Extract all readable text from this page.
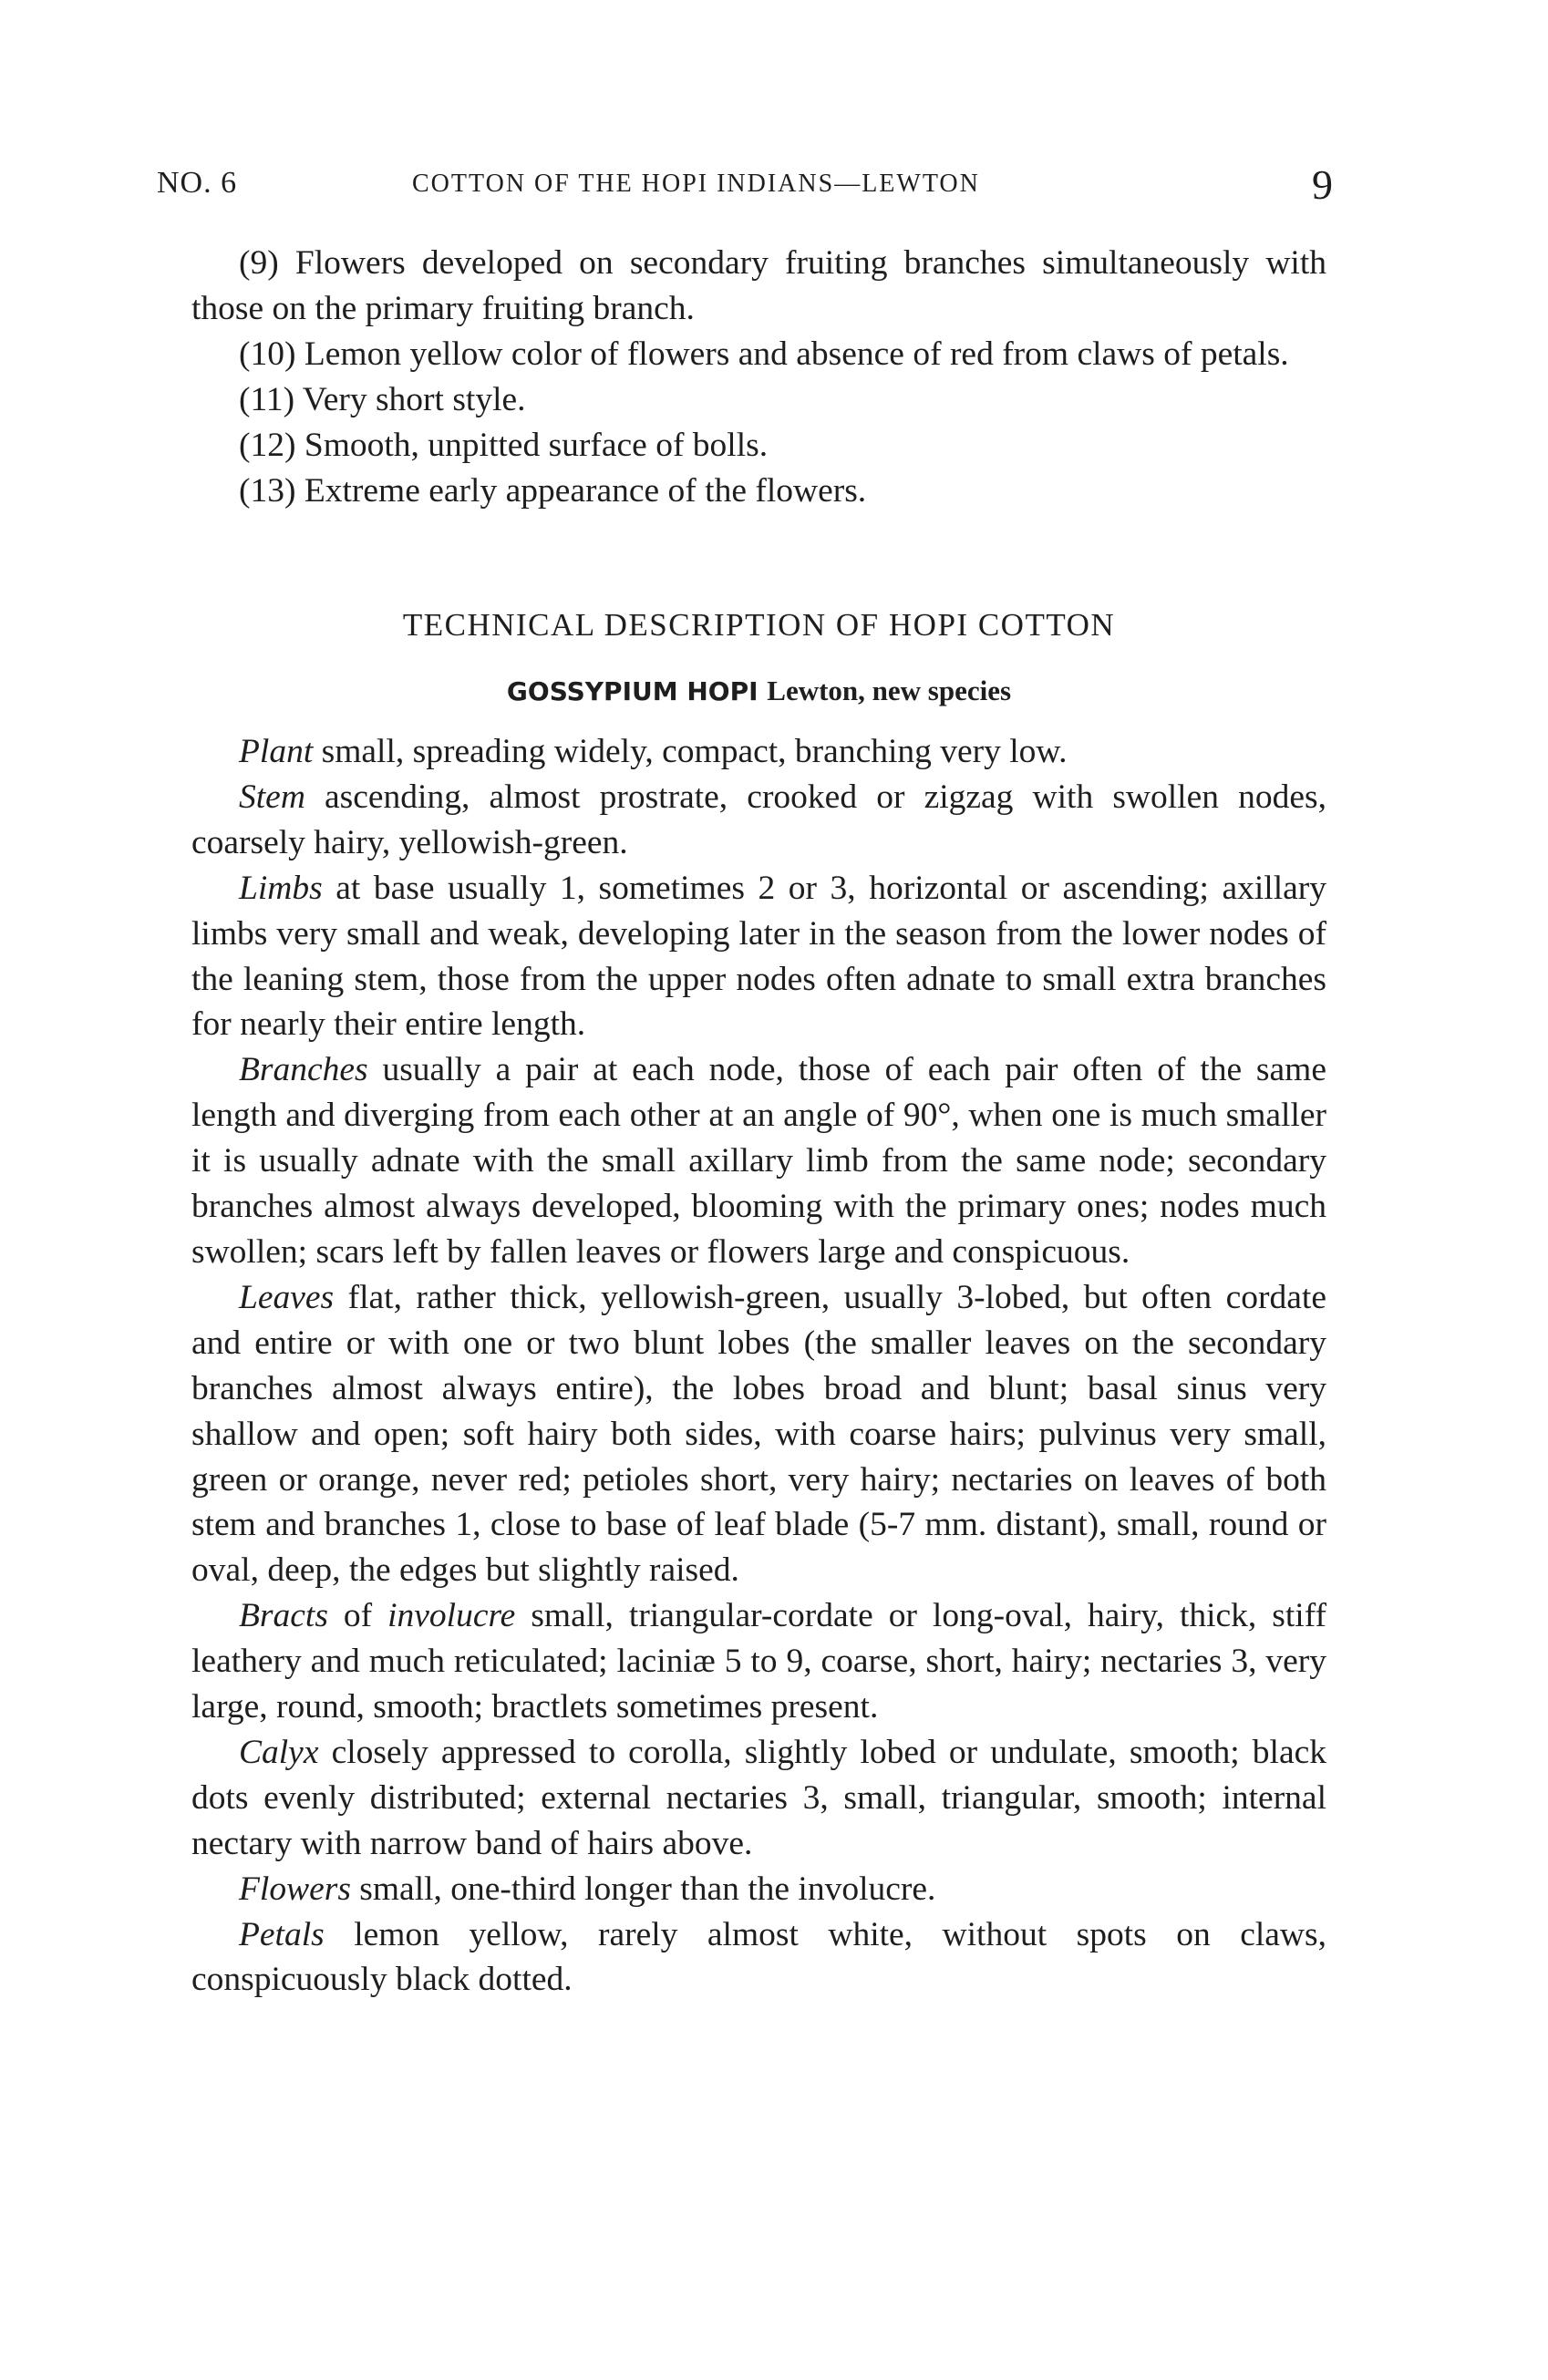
NO. 6	COTTON OF THE HOPI INDIANS—LEWTON	9

(9) Flowers developed on secondary fruiting branches simultaneously with those on the primary fruiting branch.

(10) Lemon yellow color of flowers and absence of red from claws of petals.

(11) Very short style.

(12) Smooth, unpitted surface of bolls.

(13) Extreme early appearance of the flowers.

TECHNICAL DESCRIPTION OF HOPI COTTON
GOSSYPIUM HOPI Lewton, new species

Plant small, spreading widely, compact, branching very low.

Stem ascending, almost prostrate, crooked or zigzag with swollen nodes, coarsely hairy, yellowish-green.

Limbs at base usually 1, sometimes 2 or 3, horizontal or ascending; axillary limbs very small and weak, developing later in the season from the lower nodes of the leaning stem, those from the upper nodes often adnate to small extra branches for nearly their entire length.

Branches usually a pair at each node, those of each pair often of the same length and diverging from each other at an angle of 90°, when one is much smaller it is usually adnate with the small axillary limb from the same node; secondary branches almost always developed, blooming with the primary ones; nodes much swollen; scars left by fallen leaves or flowers large and conspicuous.

Leaves flat, rather thick, yellowish-green, usually 3-lobed, but often cordate and entire or with one or two blunt lobes (the smaller leaves on the secondary branches almost always entire), the lobes broad and blunt; basal sinus very shallow and open; soft hairy both sides, with coarse hairs; pulvinus very small, green or orange, never red; petioles short, very hairy; nectaries on leaves of both stem and branches 1, close to base of leaf blade (5-7 mm. distant), small, round or oval, deep, the edges but slightly raised.

Bracts of involucre small, triangular-cordate or long-oval, hairy, thick, stiff leathery and much reticulated; laciniæ 5 to 9, coarse, short, hairy; nectaries 3, very large, round, smooth; bractlets sometimes present.

Calyx closely appressed to corolla, slightly lobed or undulate, smooth; black dots evenly distributed; external nectaries 3, small, triangular, smooth; internal nectary with narrow band of hairs above.

Flowers small, one-third longer than the involucre.

Petals lemon yellow, rarely almost white, without spots on claws, conspicuously black dotted.
